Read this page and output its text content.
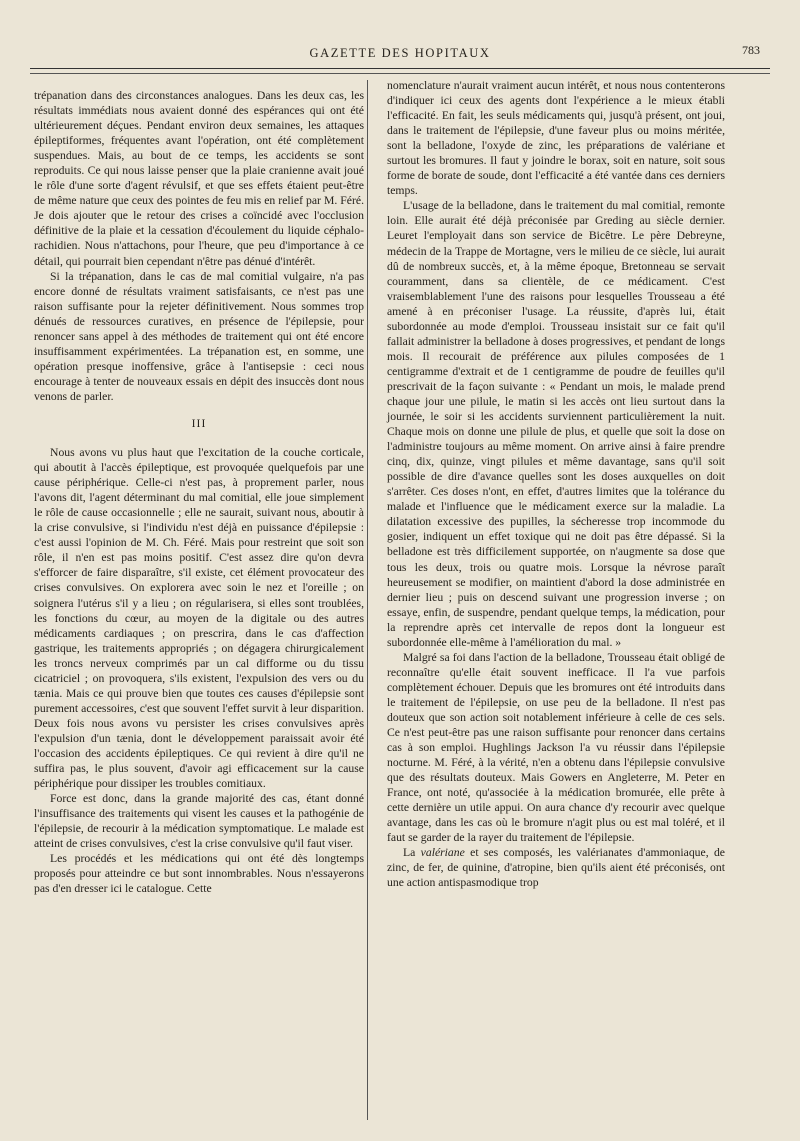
GAZETTE DES HOPITAUX	783

trépanation dans des circonstances analogues. Dans les deux cas, les résultats immédiats nous avaient donné des espérances qui ont été ultérieurement déçues. Pendant environ deux semaines, les attaques épileptiformes, fréquentes avant l'opération, ont été complètement suspendues. Mais, au bout de ce temps, les accidents se sont reproduits. Ce qui nous laisse penser que la plaie cranienne avait joué le rôle d'une sorte d'agent révulsif, et que ses effets étaient peut-être de même nature que ceux des pointes de feu mis en relief par M. Féré. Je dois ajouter que le retour des crises a coïncidé avec l'occlusion définitive de la plaie et la cessation d'écoulement du liquide céphalo-rachidien. Nous n'attachons, pour l'heure, que peu d'importance à ce détail, qui pourrait bien cependant n'être pas dénué d'intérêt.

Si la trépanation, dans le cas de mal comitial vulgaire, n'a pas encore donné de résultats vraiment satisfaisants, ce n'est pas une raison suffisante pour la rejeter définitivement. Nous sommes trop dénués de ressources curatives, en présence de l'épilepsie, pour renoncer sans appel à des méthodes de traitement qui ont été encore insuffisamment expérimentées. La trépanation est, en somme, une opération presque inoffensive, grâce à l'antisepsie : ceci nous encourage à tenter de nouveaux essais en dépit des insuccès dont nous venons de parler.

III

Nous avons vu plus haut que l'excitation de la couche corticale, qui aboutit à l'accès épileptique, est provoquée quelquefois par une cause périphérique. Celle-ci n'est pas, à proprement parler, nous l'avons dit, l'agent déterminant du mal comitial, elle joue simplement le rôle de cause occasionnelle ; elle ne saurait, suivant nous, aboutir à la crise convulsive, si l'individu n'est déjà en puissance d'épilepsie : c'est aussi l'opinion de M. Ch. Féré. Mais pour restreint que soit son rôle, il n'en est pas moins positif. C'est assez dire qu'on devra s'efforcer de faire disparaître, s'il existe, cet élément provocateur des crises convulsives. On explorera avec soin le nez et l'oreille ; on soignera l'utérus s'il y a lieu ; on régularisera, si elles sont troublées, les fonctions du cœur, au moyen de la digitale ou des autres médicaments cardiaques ; on prescrira, dans le cas d'affection gastrique, les traitements appropriés ; on dégagera chirurgicalement les troncs nerveux comprimés par un cal difforme ou du tissu cicatriciel ; on provoquera, s'ils existent, l'expulsion des vers ou du tænia. Mais ce qui prouve bien que toutes ces causes d'épilepsie sont purement accessoires, c'est que souvent l'effet survit à leur disparition. Deux fois nous avons vu persister les crises convulsives après l'expulsion d'un tænia, dont le développement paraissait avoir été l'occasion des accidents épileptiques. Ce qui revient à dire qu'il ne suffira pas, le plus souvent, d'avoir agi efficacement sur la cause périphérique pour dissiper les troubles comitiaux.

Force est donc, dans la grande majorité des cas, étant donné l'insuffisance des traitements qui visent les causes et la pathogénie de l'épilepsie, de recourir à la médication symptomatique. Le malade est atteint de crises convulsives, c'est la crise convulsive qu'il faut viser.

Les procédés et les médications qui ont été dès longtemps proposés pour atteindre ce but sont innombrables. Nous n'essayerons pas d'en dresser ici le catalogue. Cette

nomenclature n'aurait vraiment aucun intérêt, et nous nous contenterons d'indiquer ici ceux des agents dont l'expérience a le mieux établi l'efficacité. En fait, les seuls médicaments qui, jusqu'à présent, ont joui, dans le traitement de l'épilepsie, d'une faveur plus ou moins méritée, sont la belladone, l'oxyde de zinc, les préparations de valériane et surtout les bromures. Il faut y joindre le borax, soit en nature, soit sous forme de borate de soude, dont l'efficacité a été vantée dans ces derniers temps.

L'usage de la belladone, dans le traitement du mal comitial, remonte loin. Elle aurait été déjà préconisée par Greding au siècle dernier. Leuret l'employait dans son service de Bicêtre. Le père Debreyne, médecin de la Trappe de Mortagne, vers le milieu de ce siècle, lui aurait dû de nombreux succès, et, à la même époque, Bretonneau se servait couramment, dans sa clientèle, de ce médicament. C'est vraisemblablement l'une des raisons pour lesquelles Trousseau a été amené à en préconiser l'usage. La réussite, d'après lui, était subordonnée au mode d'emploi. Trousseau insistait sur ce fait qu'il fallait administrer la belladone à doses progressives, et pendant de longs mois. Il recourait de préférence aux pilules composées de 1 centigramme d'extrait et de 1 centigramme de poudre de feuilles qu'il prescrivait de la façon suivante : « Pendant un mois, le malade prend chaque jour une pilule, le matin si les accès ont lieu surtout dans la journée, le soir si les accidents surviennent particulièrement la nuit. Chaque mois on donne une pilule de plus, et quelle que soit la dose on l'administre toujours au même moment. On arrive ainsi à faire prendre cinq, dix, quinze, vingt pilules et même davantage, sans qu'il soit possible de dire d'avance quelles sont les doses auxquelles on doit s'arrêter. Ces doses n'ont, en effet, d'autres limites que la tolérance du malade et l'influence que le médicament exerce sur la maladie. La dilatation excessive des pupilles, la sécheresse trop incommode du gosier, indiquent un effet toxique qui ne doit pas être dépassé. Si la belladone est très difficilement supportée, on n'augmente sa dose que tous les deux, trois ou quatre mois. Lorsque la névrose paraît heureusement se modifier, on maintient d'abord la dose administrée en dernier lieu ; puis on descend suivant une progression inverse ; on essaye, enfin, de suspendre, pendant quelque temps, la médication, pour la reprendre après cet intervalle de repos dont la longueur est subordonnée elle-même à l'amélioration du mal. »

Malgré sa foi dans l'action de la belladone, Trousseau était obligé de reconnaître qu'elle était souvent inefficace. Il l'a vue parfois complètement échouer. Depuis que les bromures ont été introduits dans le traitement de l'épilepsie, on use peu de la belladone. Il n'est pas douteux que son action soit notablement inférieure à celle de ces sels. Ce n'est peut-être pas une raison suffisante pour renoncer dans certains cas à son emploi. Hughlings Jackson l'a vu réussir dans l'épilepsie nocturne. M. Féré, à la vérité, n'en a obtenu dans l'épilepsie convulsive que des résultats douteux. Mais Gowers en Angleterre, M. Peter en France, ont noté, qu'associée à la médication bromurée, elle prête à cette dernière un utile appui. On aura chance d'y recourir avec quelque avantage, dans les cas où le bromure n'agit plus ou est mal toléré, et il faut se garder de la rayer du traitement de l'épilepsie.

La valériane et ses composés, les valérianates d'ammoniaque, de zinc, de fer, de quinine, d'atropine, bien qu'ils aient été préconisés, ont une action antispasmodique trop
